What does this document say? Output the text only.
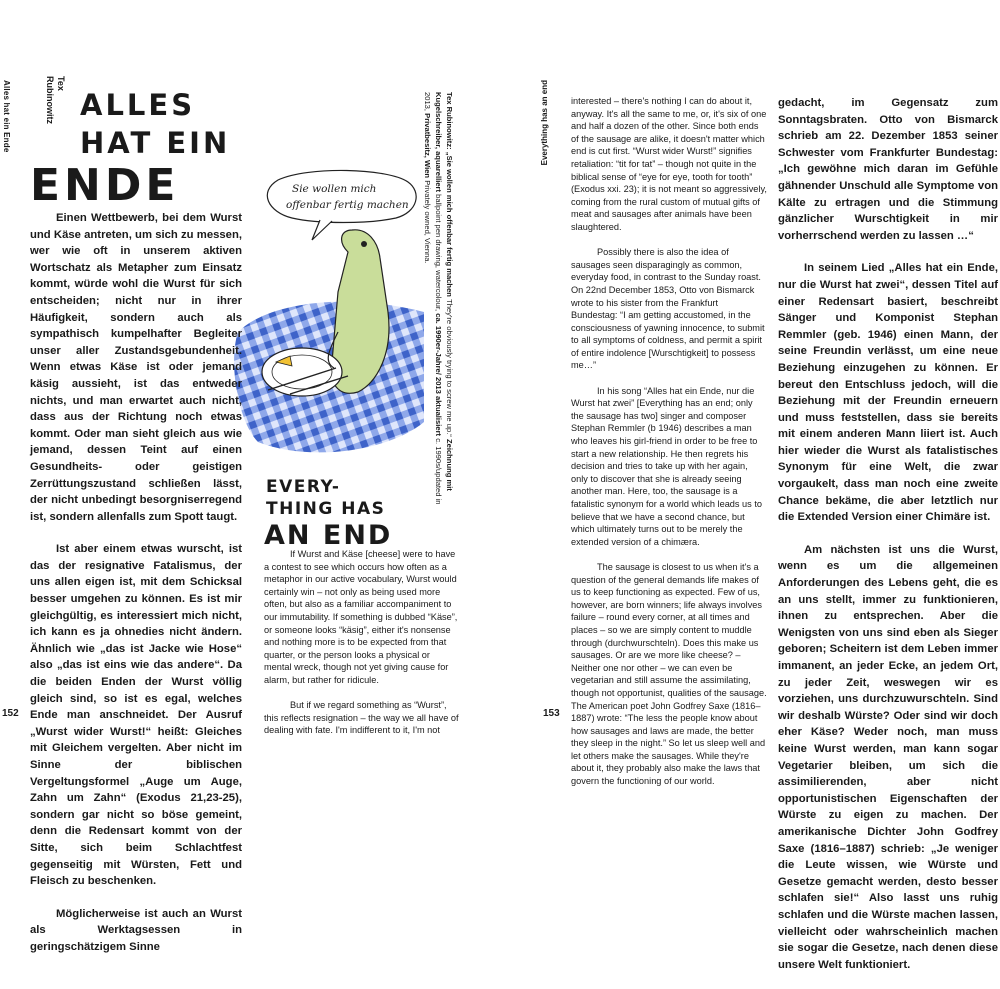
Alles hat ein Ende	Tex
Rubinowitz	Everything has an end
ALLES
HAT EIN
ENDE	Sie wollen mich
offenbar fertig machen
Tex Rubinowitz: „Sie wollen mich offenbar fertig machen They're obviously trying to screw me up.“ Zeichnung mit Kugelschreiber, aquarelliert ballpoint pen drawing, watercolour, ca. 1990er-Jahre/ 2013 aktualisiert c. 1990s/updated in 2013, Privatbesitz, Wien Privately owned, Vienna.

Einen Wettbewerb, bei dem Wurst und Käse antreten, um sich zu messen, wer wie oft in unserem aktiven Wortschatz als Metapher zum Einsatz kommt, würde wohl die Wurst für sich entscheiden; nicht nur in ihrer Häufigkeit, sondern auch als sympathisch kumpelhafter Begleiter unser aller Zustandsgebundenheit. Wenn etwas Käse ist oder jemand käsig aussieht, ist das entweder nichts, und man erwartet auch nicht, dass aus der Richtung noch etwas kommt. Oder man sieht gleich aus wie jemand, dessen Teint auf einen Gesundheits- oder geistigen Zerrüttungszustand schließen lässt, der nicht unbedingt besorgniserregend ist, sondern allenfalls zum Spott taugt.

Ist aber einem etwas wurscht, ist das der resignative Fatalismus, der uns allen eigen ist, mit dem Schicksal besser umgehen zu können. Es ist mir gleichgültig, es interessiert mich nicht, ich kann es ja ohnedies nicht ändern. Ähnlich wie „das ist Jacke wie Hose“ also „das ist eins wie das andere“. Da die beiden Enden der Wurst völlig gleich sind, so ist es egal, welches Ende man anschneidet. Der Ausruf „Wurst wider Wurst!“ heißt: Gleiches mit Gleichem vergelten. Aber nicht im Sinne der biblischen Vergeltungsformel „Auge um Auge, Zahn um Zahn“ (Exodus 21,23-25), sondern gar nicht so böse gemeint, denn die Redensart kommt von der Sitte, sich beim Schlachtfest gegenseitig mit Würsten, Fett und Fleisch zu beschenken.

Möglicherweise ist auch an Wurst als Werktagsessen in geringschätzigem Sinne

EVERY-
THING HAS
AN END

If Wurst and Käse [cheese] were to have a contest to see which occurs how often as a metaphor in our active vocabulary, Wurst would certainly win – not only as being used more often, but also as a familiar accompaniment to our immutability. If something is dubbed “Käse”, or someone looks “käsig”, either it's nonsense and nothing more is to be expected from that quarter, or the person looks a physical or mental wreck, though not yet giving cause for alarm, but rather for ridicule.

But if we regard something as “Wurst”, this reflects resignation – the way we all have of dealing with fate. I'm indifferent to it, I'm not

interested – there's nothing I can do about it, anyway. It's all the same to me, or, it's six of one and half a dozen of the other. Since both ends of the sausage are alike, it doesn't matter which end is cut first. “Wurst wider Wurst!” signifies retaliation: “tit for tat” – though not quite in the biblical sense of “eye for eye, tooth for tooth” (Exodus xxi. 23); it is not meant so aggressively, coming from the rural custom of mutual gifts of meat and sausages after animals have been slaughtered.

Possibly there is also the idea of sausages seen disparagingly as common, everyday food, in contrast to the Sunday roast. On 22nd December 1853, Otto von Bismarck wrote to his sister from the Frankfurt Bundestag: “I am getting accustomed, in the consciousness of yawning innocence, to submit to all symptoms of coldness, and permit a spirit of entire indolence [Wurschtigkeit] to possess me…”

In his song “Alles hat ein Ende, nur die Wurst hat zwei” [Everything has an end; only the sausage has two] singer and composer Stephan Remmler (b 1946) describes a man who leaves his girl-friend in order to be free to start a new relationship. He then regrets his decision and tries to take up with her again, only to discover that she is already seeing another man. Here, too, the sausage is a fatalistic synonym for a world which leads us to believe that we have a second chance, but which ultimately turns out to be merely the extended version of a chimæra.

The sausage is closest to us when it's a question of the general demands life makes of us to keep functioning as expected. Few of us, however, are born winners; life always involves failure – round every corner, at all times and places – so we are simply content to muddle through (durchwurschteln). Does this make us sausages. Or are we more like cheese? – Neither one nor other – we can even be vegetarian and still assume the assimilating, though not opportunist, qualities of the sausage. The American poet John Godfrey Saxe (1816–1887) wrote: “The less the people know about how sausages and laws are made, the better they sleep in the night.” So let us sleep well and let others make the sausages. While they're about it, they probably also make the laws that govern the functioning of our world.

gedacht, im Gegensatz zum Sonntagsbraten. Otto von Bismarck schrieb am 22. Dezember 1853 seiner Schwester vom Frankfurter Bundestag: „Ich gewöhne mich daran im Gefühle gähnender Unschuld alle Symptome von Kälte zu ertragen und die Stimmung gänzlicher Wurschtigkeit in mir vorherrschend werden zu lassen …“

In seinem Lied „Alles hat ein Ende, nur die Wurst hat zwei“, dessen Titel auf einer Redensart basiert, beschreibt Sänger und Komponist Stephan Remmler (geb. 1946) einen Mann, der seine Freundin verlässt, um eine neue Beziehung einzugehen zu können. Er bereut den Entschluss jedoch, will die Beziehung mit der Freundin erneuern und muss feststellen, dass sie bereits mit einem anderen Mann liiert ist. Auch hier wieder die Wurst als fatalistisches Synonym für eine Welt, die zwar vorgaukelt, dass man noch eine zweite Chance bekäme, die aber letztlich nur die Extended Version einer Chimäre ist.

Am nächsten ist uns die Wurst, wenn es um die allgemeinen Anforderungen des Lebens geht, die es an uns stellt, immer zu funktionieren, ihnen zu entsprechen. Aber die Wenigsten von uns sind eben als Sieger geboren; Scheitern ist dem Leben immer immanent, an jeder Ecke, an jedem Ort, zu jeder Zeit, weswegen wir es vorziehen, uns durchzuwurschteln. Sind wir deshalb Würste? Oder sind wir doch eher Käse? Weder noch, man muss keine Wurst werden, man kann sogar Vegetarier bleiben, um sich die assimilierenden, aber nicht opportunistischen Eigenschaften der Würste zu eigen zu machen. Der amerikanische Dichter John Godfrey Saxe (1816–1887) schrieb: „Je weniger die Leute wissen, wie Würste und Gesetze gemacht werden, desto besser schlafen sie!“ Also lasst uns ruhig schlafen und die Würste machen lassen, vielleicht oder wahrscheinlich machen sie sogar die Gesetze, nach denen diese unsere Welt funktioniert.

152	153
